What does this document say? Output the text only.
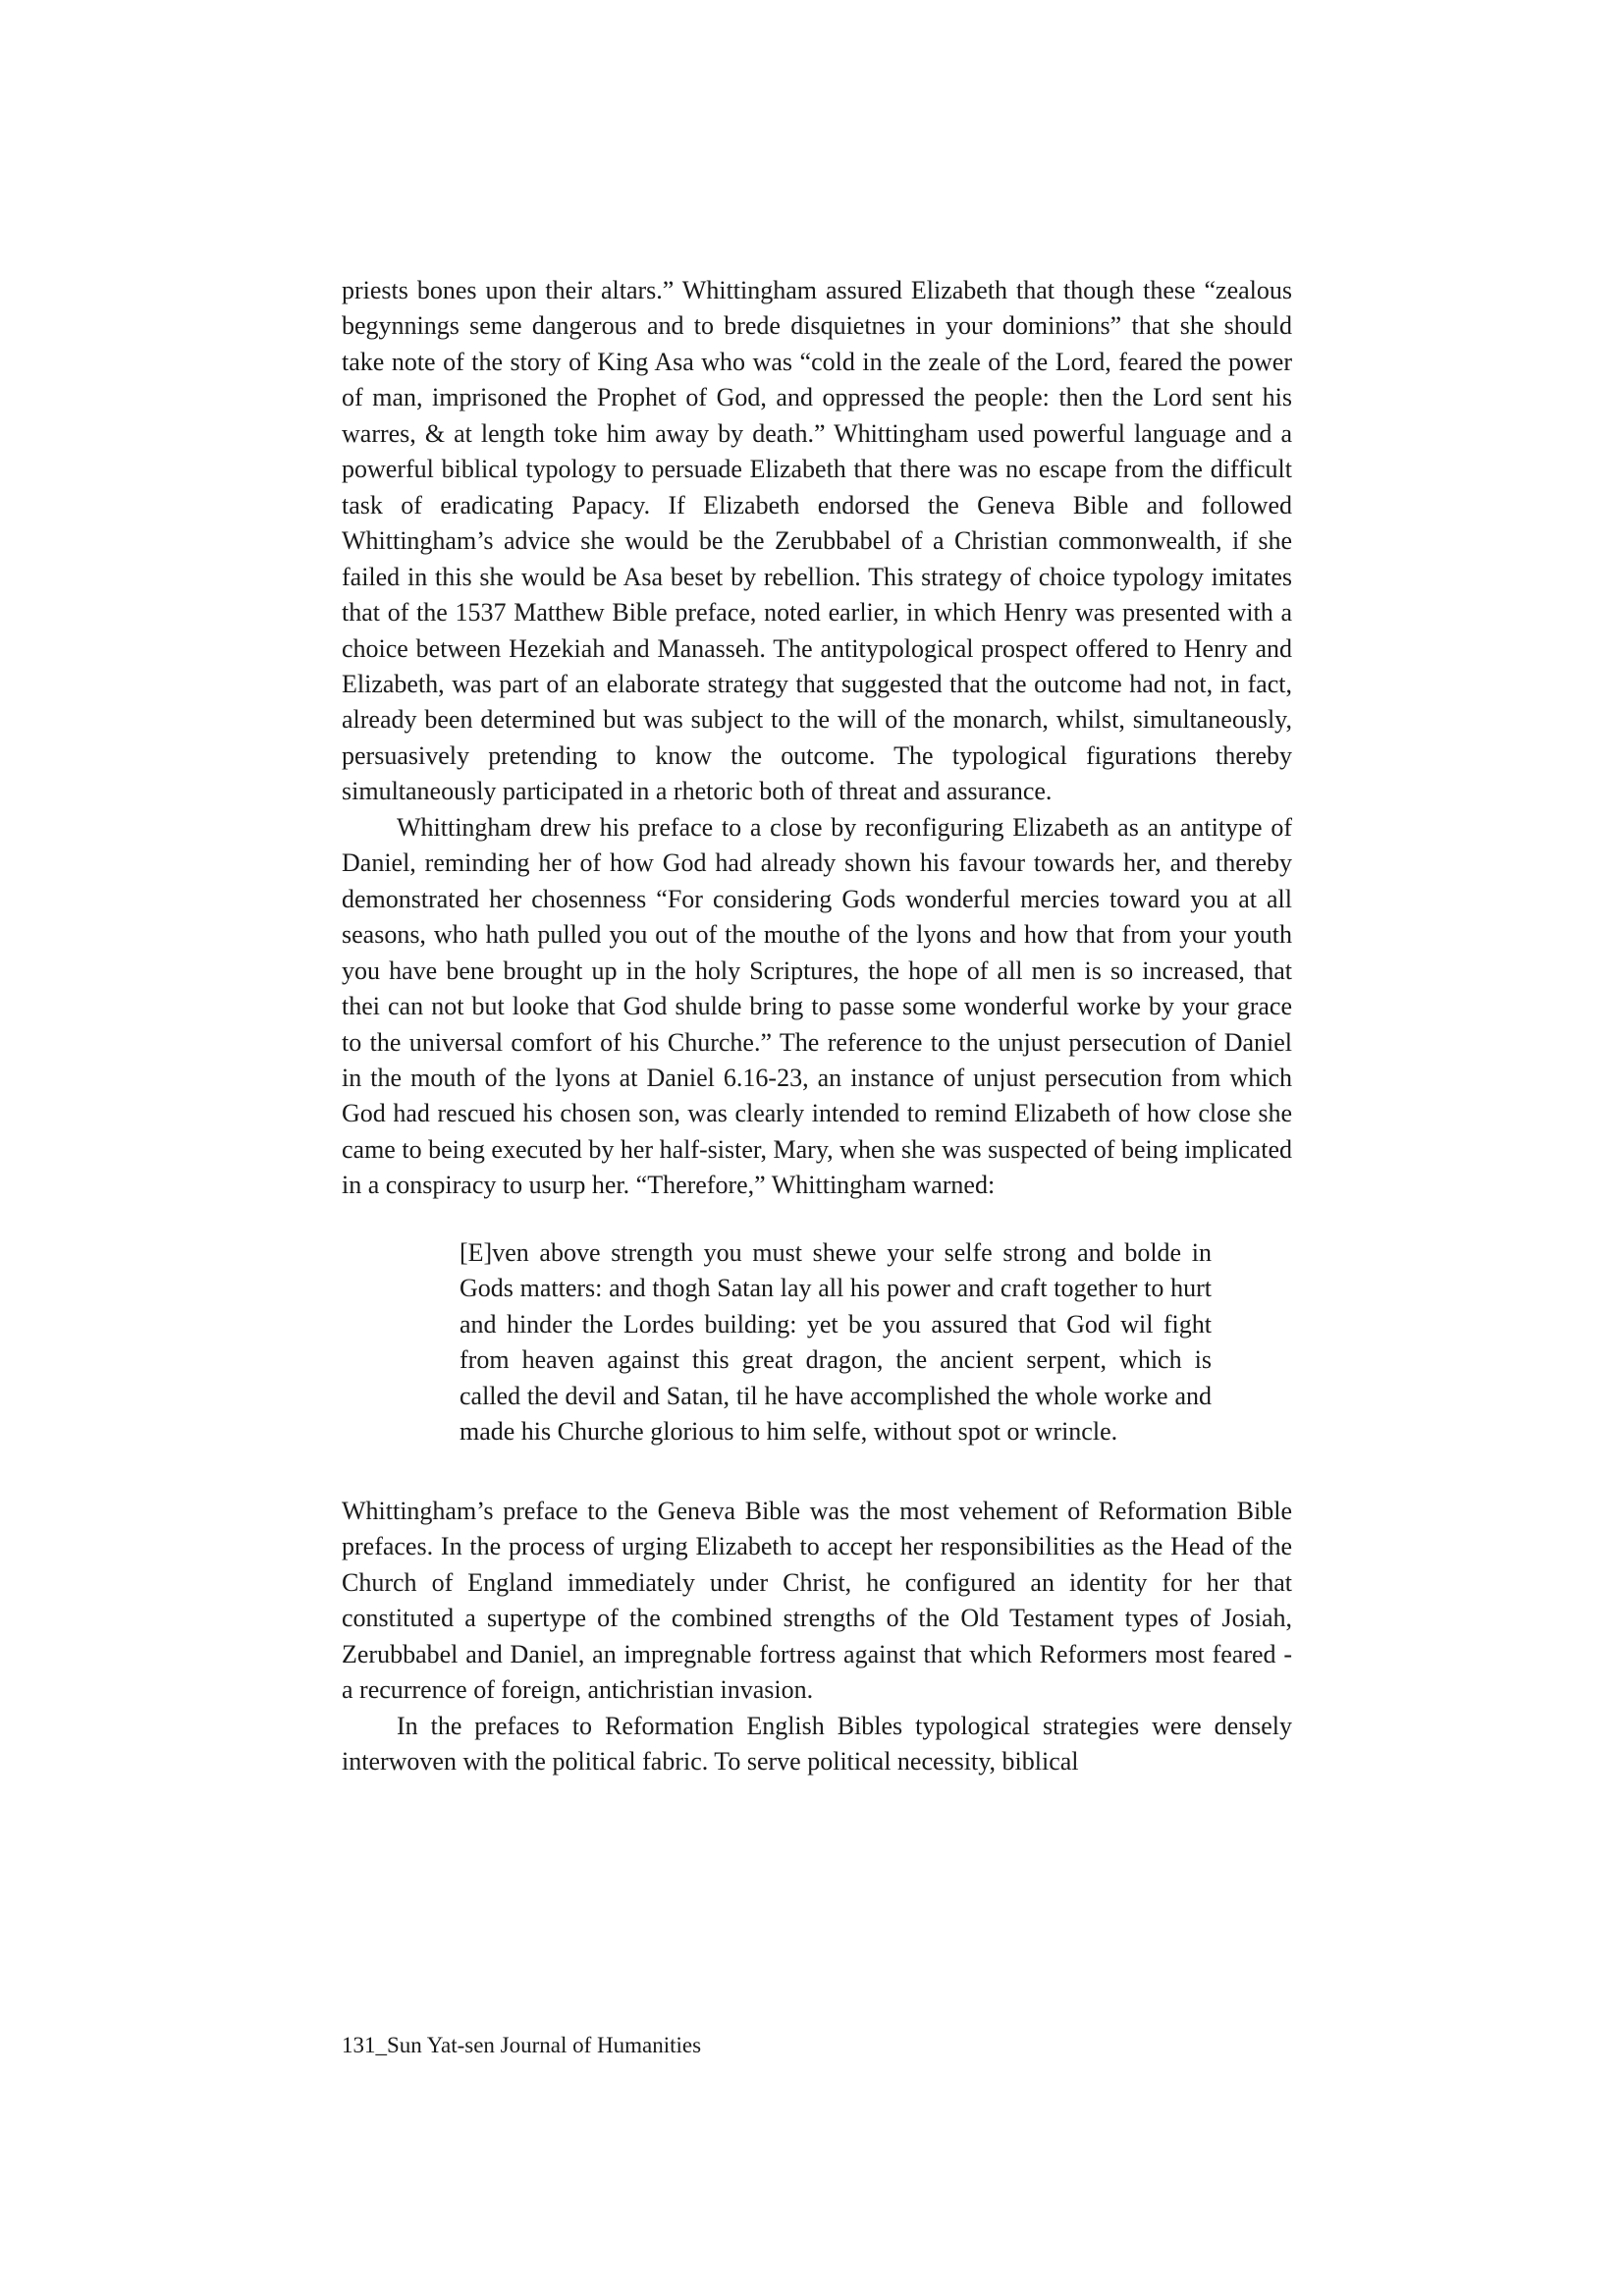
priests bones upon their altars.” Whittingham assured Elizabeth that though these “zealous begynnings seme dangerous and to brede disquietnes in your dominions” that she should take note of the story of King Asa who was “cold in the zeale of the Lord, feared the power of man, imprisoned the Prophet of God, and oppressed the people: then the Lord sent his warres, & at length toke him away by death.” Whittingham used powerful language and a powerful biblical typology to persuade Elizabeth that there was no escape from the difficult task of eradicating Papacy. If Elizabeth endorsed the Geneva Bible and followed Whittingham’s advice she would be the Zerubbabel of a Christian commonwealth, if she failed in this she would be Asa beset by rebellion. This strategy of choice typology imitates that of the 1537 Matthew Bible preface, noted earlier, in which Henry was presented with a choice between Hezekiah and Manasseh. The antitypological prospect offered to Henry and Elizabeth, was part of an elaborate strategy that suggested that the outcome had not, in fact, already been determined but was subject to the will of the monarch, whilst, simultaneously, persuasively pretending to know the outcome. The typological figurations thereby simultaneously participated in a rhetoric both of threat and assurance.

Whittingham drew his preface to a close by reconfiguring Elizabeth as an antitype of Daniel, reminding her of how God had already shown his favour towards her, and thereby demonstrated her chosenness “For considering Gods wonderful mercies toward you at all seasons, who hath pulled you out of the mouthe of the lyons and how that from your youth you have bene brought up in the holy Scriptures, the hope of all men is so increased, that thei can not but looke that God shulde bring to passe some wonderful worke by your grace to the universal comfort of his Churche.” The reference to the unjust persecution of Daniel in the mouth of the lyons at Daniel 6.16-23, an instance of unjust persecution from which God had rescued his chosen son, was clearly intended to remind Elizabeth of how close she came to being executed by her half-sister, Mary, when she was suspected of being implicated in a conspiracy to usurp her. “Therefore,” Whittingham warned:

[E]ven above strength you must shewe your selfe strong and bolde in Gods matters: and thogh Satan lay all his power and craft together to hurt and hinder the Lordes building: yet be you assured that God wil fight from heaven against this great dragon, the ancient serpent, which is called the devil and Satan, til he have accomplished the whole worke and made his Churche glorious to him selfe, without spot or wrincle.

Whittingham’s preface to the Geneva Bible was the most vehement of Reformation Bible prefaces. In the process of urging Elizabeth to accept her responsibilities as the Head of the Church of England immediately under Christ, he configured an identity for her that constituted a supertype of the combined strengths of the Old Testament types of Josiah, Zerubbabel and Daniel, an impregnable fortress against that which Reformers most feared - a recurrence of foreign, antichristian invasion.

In the prefaces to Reformation English Bibles typological strategies were densely interwoven with the political fabric. To serve political necessity, biblical

131_Sun Yat-sen Journal of Humanities
